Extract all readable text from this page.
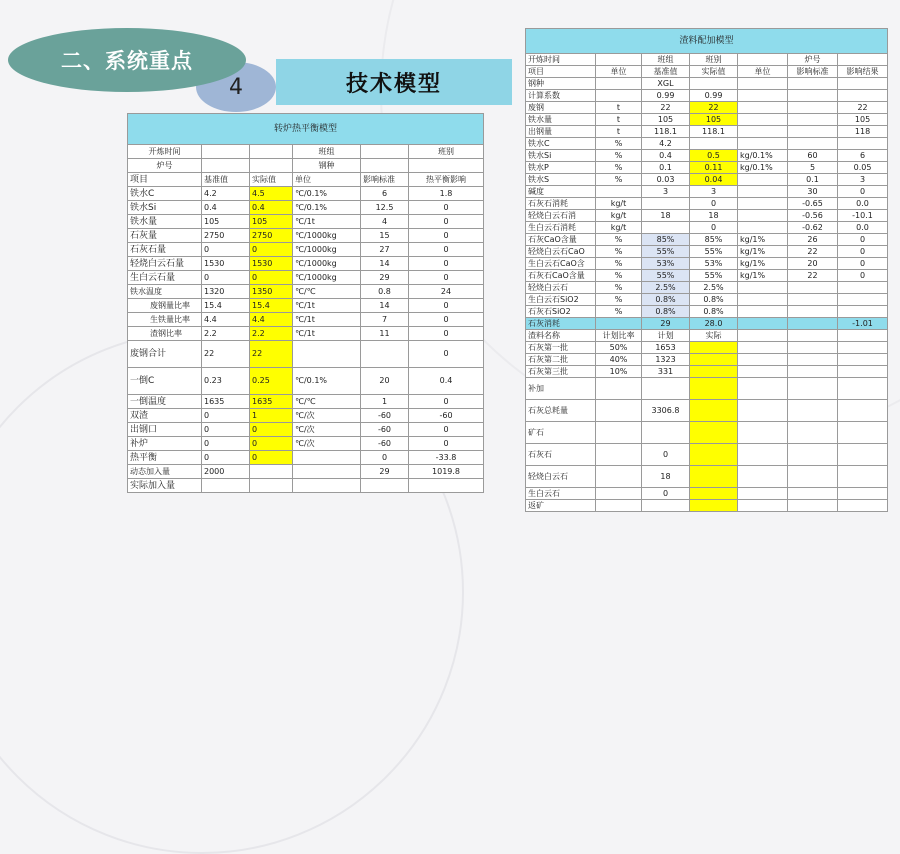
4
二、系统重点
技术模型
转炉热平衡模型					
开炼时间			班组		班别
炉号			钢种		
项目	基准值	实际值	单位	影响标准	热平衡影响
铁水C	4.2	4.5	℃/0.1%	6	1.8
铁水Si	0.4	0.4	℃/0.1%	12.5	0
铁水量	105	105	℃/1t	4	0
石灰量	2750	2750	℃/1000kg	15	0
石灰石量	0	0	℃/1000kg	27	0
轻烧白云石量	1530	1530	℃/1000kg	14	0
生白云石量	0	0	℃/1000kg	29	0
铁水温度	1320	1350	℃/℃	0.8	24
废钢量比率	15.4	15.4	℃/1t	14	0
生铁量比率	4.4	4.4	℃/1t	7	0
渣钢比率	2.2	2.2	℃/1t	11	0
废钢合计	22	22			0
一倒C	0.23	0.25	℃/0.1%	20	0.4
一倒温度	1635	1635	℃/℃	1	0
双渣	0	1	℃/次	-60	-60
出钢口	0	0	℃/次	-60	0
补炉	0	0	℃/次	-60	0
热平衡	0	0		0	-33.8
动态加入量	2000			29	1019.8
实际加入量					
渣料配加模型						
开炼时间		班组	班别		炉号	
项目	单位	基准值	实际值	单位	影响标准	影响结果
钢种		XGL				
计算系数		0.99	0.99			
废钢	t	22	22			22
铁水量	t	105	105			105
出钢量	t	118.1	118.1			118
铁水C	%	4.2				
铁水Si	%	0.4	0.5	kg/0.1%	60	6
铁水P	%	0.1	0.11	kg/0.1%	5	0.05
铁水S	%	0.03	0.04		0.1	3
碱度		3	3		30	0
石灰石消耗	kg/t		0		-0.65	0.0
轻烧白云石消	kg/t	18	18		-0.56	-10.1
生白云石消耗	kg/t		0		-0.62	0.0
石灰CaO含量	%	85%	85%	kg/1%	26	0
轻烧白云石CaO	%	55%	55%	kg/1%	22	0
生白云石CaO含	%	53%	53%	kg/1%	20	0
石灰石CaO含量	%	55%	55%	kg/1%	22	0
轻烧白云石	%	2.5%	2.5%			
生白云石SiO2	%	0.8%	0.8%			
石灰石SiO2	%	0.8%	0.8%			
石灰消耗		29	28.0			-1.01
渣料名称	计划比率	计划	实际			
石灰第一批	50%	1653				
石灰第二批	40%	1323				
石灰第三批	10%	331				
补加						
石灰总耗量		3306.8				
矿石						
石灰石		0				
轻烧白云石		18				
生白云石		0				
返矿						
